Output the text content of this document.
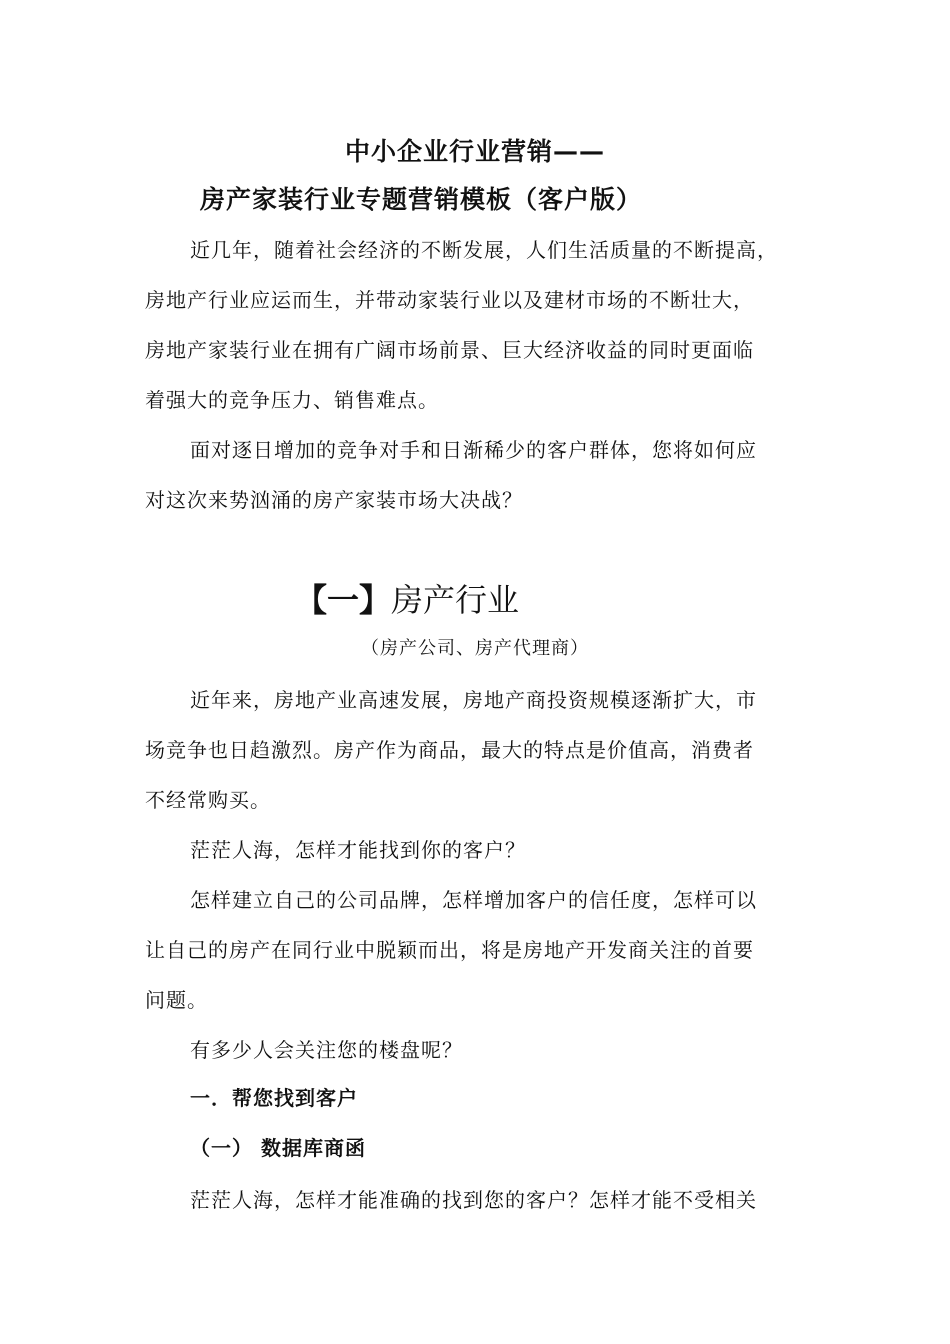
中小企业行业营销——
房产家装行业专题营销模板（客户版）
近几年，随着社会经济的不断发展，人们生活质量的不断提高，
房地产行业应运而生，并带动家装行业以及建材市场的不断壮大，
房地产家装行业在拥有广阔市场前景、巨大经济收益的同时更面临
着强大的竞争压力、销售难点。
面对逐日增加的竞争对手和日渐稀少的客户群体，您将如何应
对这次来势汹涌的房产家装市场大决战？
【一】房产行业
（房产公司、房产代理商）
近年来，房地产业高速发展，房地产商投资规模逐渐扩大，市
场竞争也日趋激烈。房产作为商品，最大的特点是价值高，消费者
不经常购买。
茫茫人海，怎样才能找到你的客户？
怎样建立自己的公司品牌，怎样增加客户的信任度，怎样可以
让自己的房产在同行业中脱颖而出，将是房地产开发商关注的首要
问题。
有多少人会关注您的楼盘呢？
一．帮您找到客户
（一） 数据库商函
茫茫人海，怎样才能准确的找到您的客户？怎样才能不受相关
